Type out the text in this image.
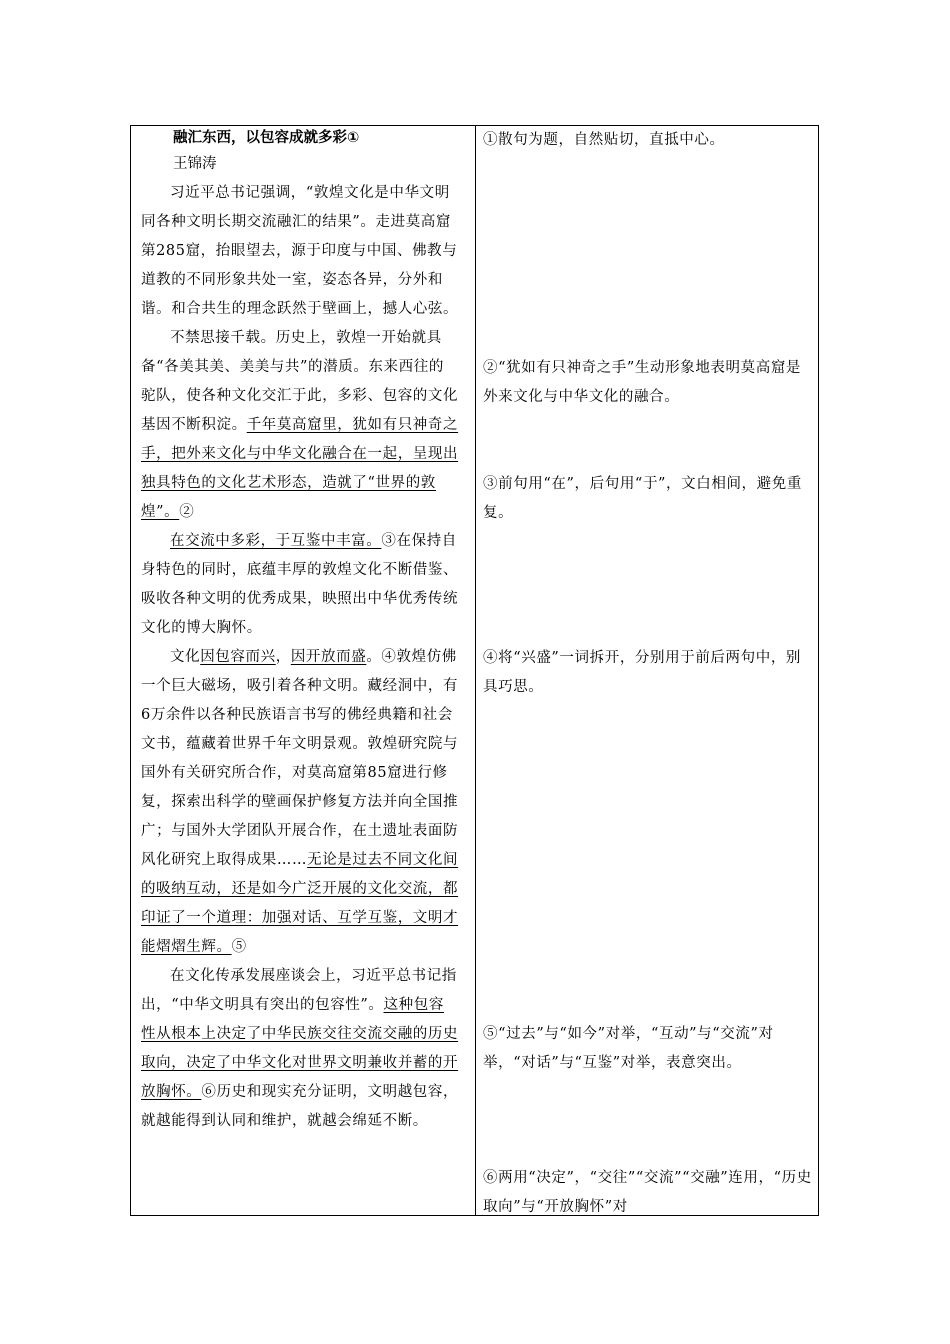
融汇东西，以包容成就多彩①

王锦涛

习近平总书记强调，“敦煌文化是中华文明同各种文明长期交流融汇的结果”。走进莫高窟第285窟，抬眼望去，源于印度与中国、佛教与道教的不同形象共处一室，姿态各异，分外和谐。和合共生的理念跃然于壁画上，撼人心弦。

不禁思接千载。历史上，敦煌一开始就具备“各美其美、美美与共”的潜质。东来西往的驼队，使各种文化交汇于此，多彩、包容的文化基因不断积淀。千年莫高窟里，犹如有只神奇之手，把外来文化与中华文化融合在一起，呈现出独具特色的文化艺术形态，造就了“世界的敦煌”。②

在交流中多彩，于互鉴中丰富。③在保持自身特色的同时，底蕴丰厚的敦煌文化不断借鉴、吸收各种文明的优秀成果，映照出中华优秀传统文化的博大胸怀。

文化因包容而兴，因开放而盛。④敦煌仿佛一个巨大磁场，吸引着各种文明。藏经洞中，有6万余件以各种民族语言书写的佛经典籍和社会文书，蕴藏着世界千年文明景观。敦煌研究院与国外有关研究所合作，对莫高窟第85窟进行修复，探索出科学的壁画保护修复方法并向全国推广；与国外大学团队开展合作，在土遗址表面防风化研究上取得成果……无论是过去不同文化间的吸纳互动，还是如今广泛开展的文化交流，都印证了一个道理：加强对话、互学互鉴，文明才能熠熠生辉。⑤

在文化传承发展座谈会上，习近平总书记指出，“中华文明具有突出的包容性”。这种包容性从根本上决定了中华民族交往交流交融的历史取向，决定了中华文化对世界文明兼收并蓄的开放胸怀。⑥历史和现实充分证明，文明越包容，就越能得到认同和维护，就越会绵延不断。

①散句为题，自然贴切，直抵中心。

②“犹如有只神奇之手”生动形象地表明莫高窟是外来文化与中华文化的融合。

③前句用“在”，后句用“于”，文白相间，避免重复。

④将“兴盛”一词拆开，分别用于前后两句中，别具巧思。

⑤“过去”与“如今”对举，“互动”与“交流”对举，“对话”与“互鉴”对举，表意突出。

⑥两用“决定”，“交往”“交流”“交融”连用，“历史取向”与“开放胸怀”对
